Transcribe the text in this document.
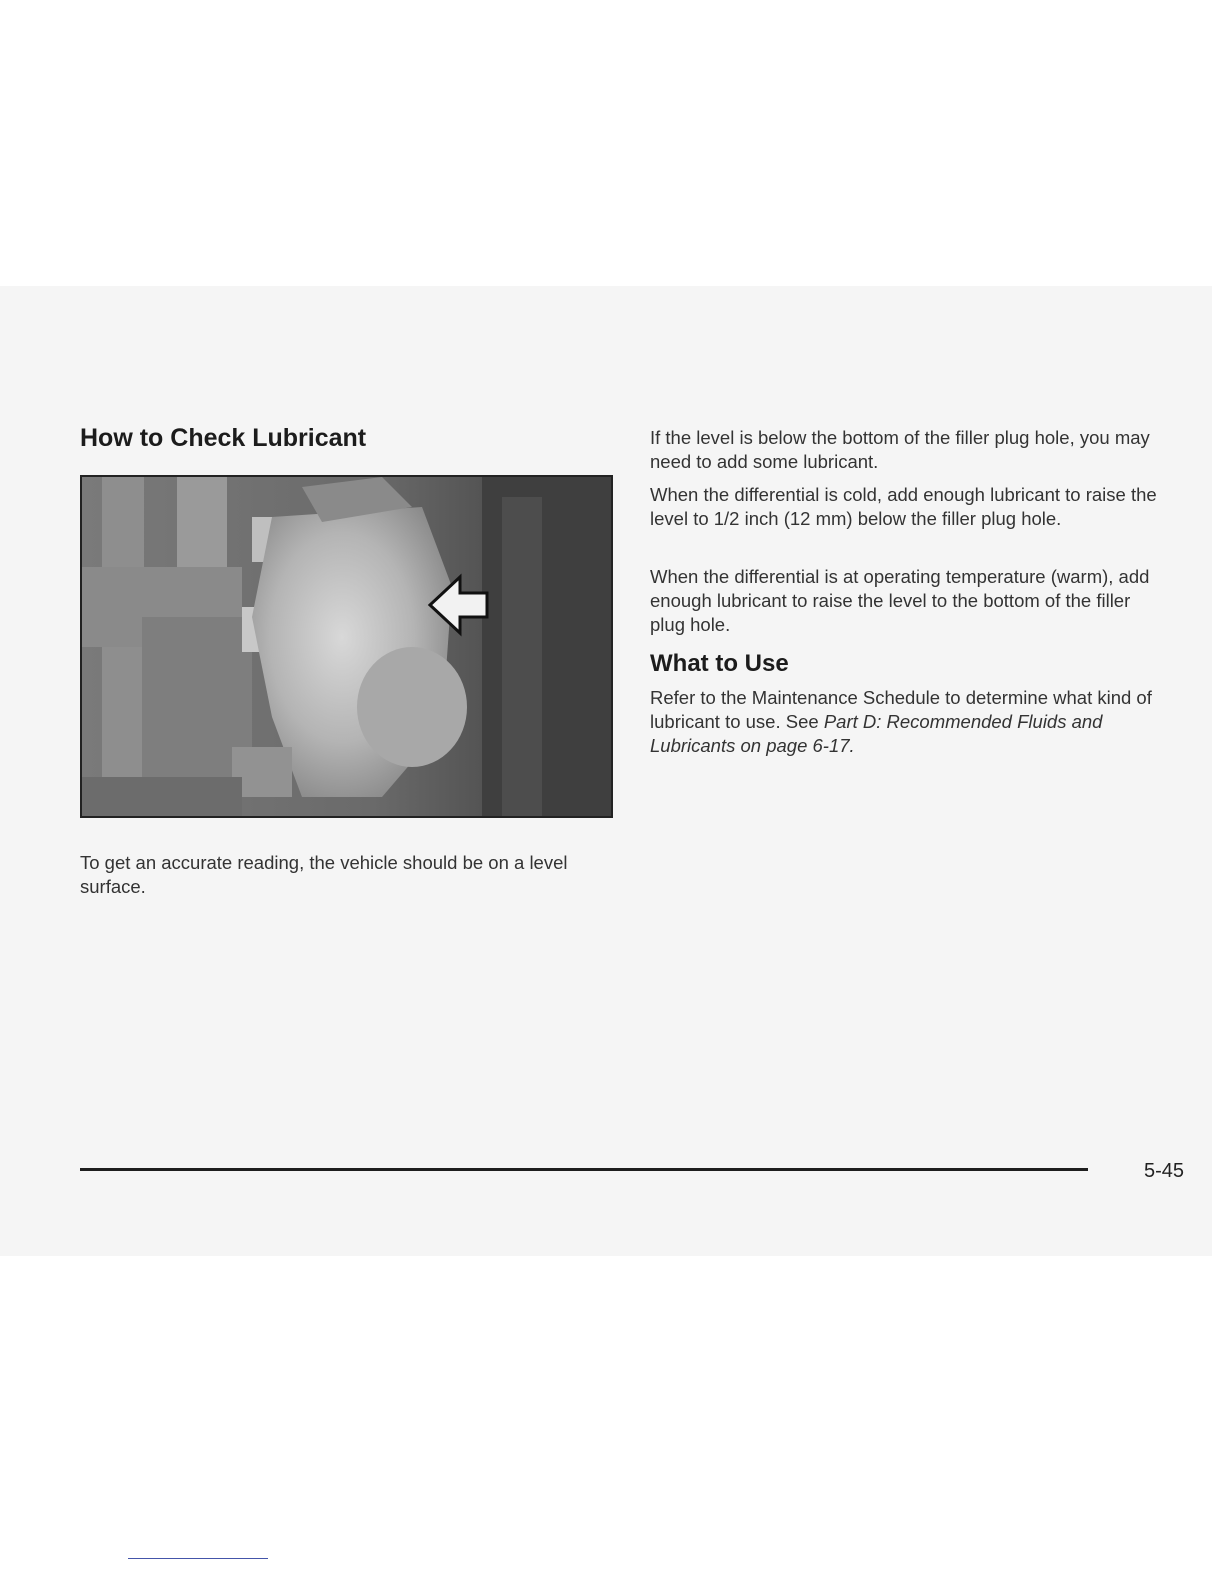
How to Check Lubricant

To get an accurate reading, the vehicle should be on a level surface.

If the level is below the bottom of the filler plug hole, you may need to add some lubricant.

When the differential is cold, add enough lubricant to raise the level to 1/2 inch (12 mm) below the filler plug hole.

When the differential is at operating temperature (warm), add enough lubricant to raise the level to the bottom of the filler plug hole.

What to Use

Refer to the Maintenance Schedule to determine what kind of lubricant to use. See Part D: Recommended Fluids and Lubricants on page 6-17.

5-45
